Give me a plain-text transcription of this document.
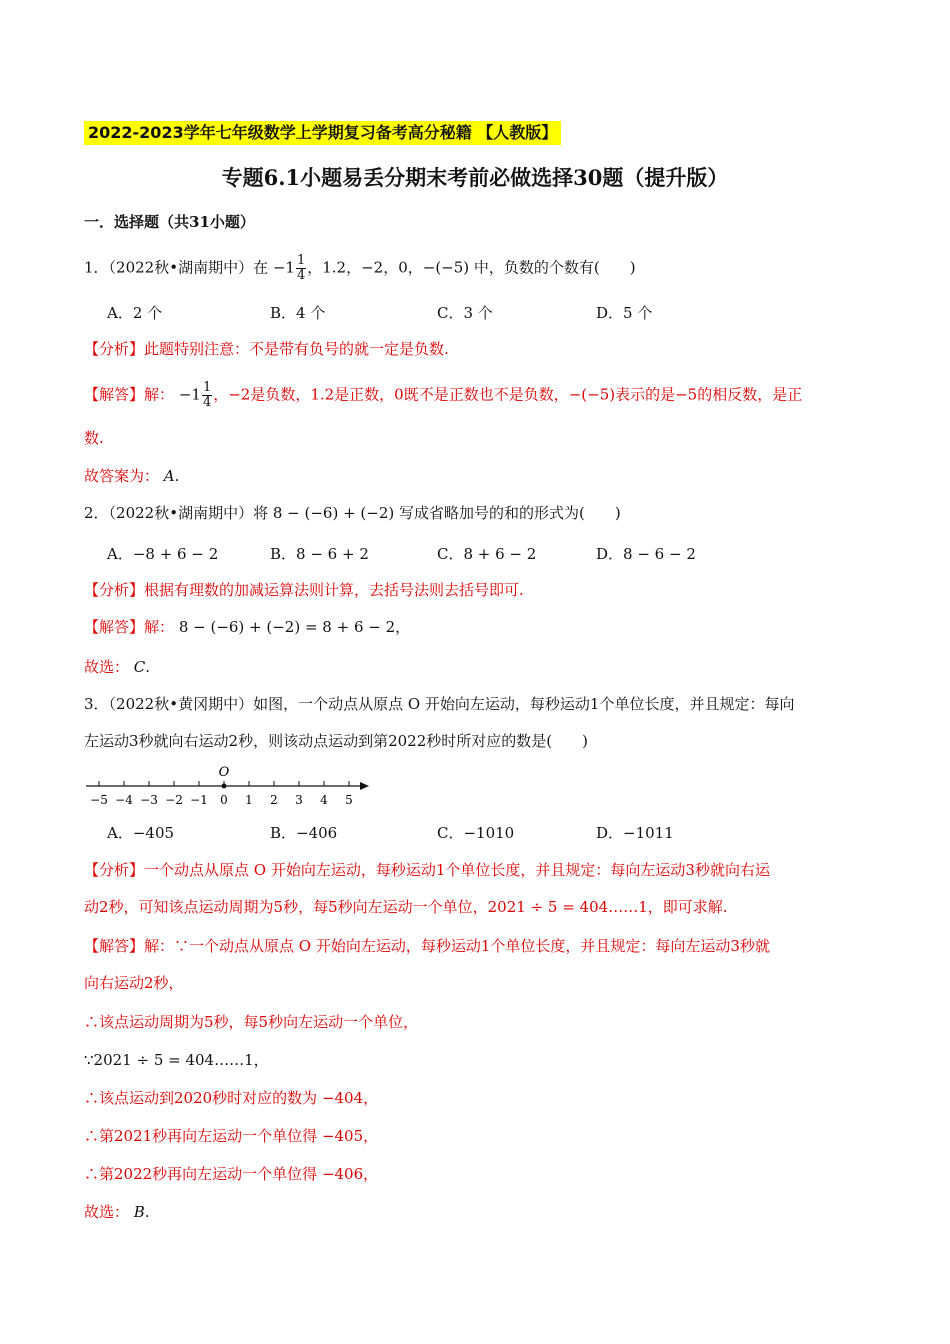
2022-2023学年七年级数学上学期复习备考高分秘籍 【人教版】
专题6.1小题易丢分期末考前必做选择30题（提升版）
一．选择题（共31小题）
1．（2022秋•湖南期中）在 $-1 \frac{1}{4}$ ，1.2，−2，0，−(−5) 中，负数的个数有(　　)
A．2 个	B．4 个	C．3 个	D．5 个
【分析】此题特别注意：不是带有负号的就一定是负数.
【解答】解： $-1 \frac{1}{4}$ ，−2是负数，1.2是正数，0既不是正数也不是负数，−(−5)表示的是−5的相反数，是正
数.
故答案为： A.
2．（2022秋•湖南期中）将 8 − (−6) + (−2) 写成省略加号的和的形式为(　　)
A．−8 + 6 − 2	B．8 − 6 + 2	C．8 + 6 − 2	D．8 − 6 − 2
【分析】根据有理数的加减运算法则计算，去括号法则去括号即可.
【解答】解： 8 − (−6) + (−2) = 8 + 6 − 2，
故选： C.
3．（2022秋•黄冈期中）如图，一个动点从原点 O 开始向左运动，每秒运动1个单位长度，并且规定：每向
左运动3秒就向右运动2秒，则该动点运动到第2022秒时所对应的数是(　　)
−5 −4 −3 −2 −1 0 1 2 3 4 5
O
A．−405	B．−406	C．−1010	D．−1011
【分析】一个动点从原点 O 开始向左运动，每秒运动1个单位长度，并且规定：每向左运动3秒就向右运
动2秒，可知该点运动周期为5秒，每5秒向左运动一个单位，2021 ÷ 5 = 404……1，即可求解.
【解答】解：∵一个动点从原点 O 开始向左运动，每秒运动1个单位长度，并且规定：每向左运动3秒就
向右运动2秒，
∴该点运动周期为5秒，每5秒向左运动一个单位，
∵2021 ÷ 5 = 404……1，
∴该点运动到2020秒时对应的数为 −404，
∴第2021秒再向左运动一个单位得 −405，
∴第2022秒再向左运动一个单位得 −406，
故选： B.
